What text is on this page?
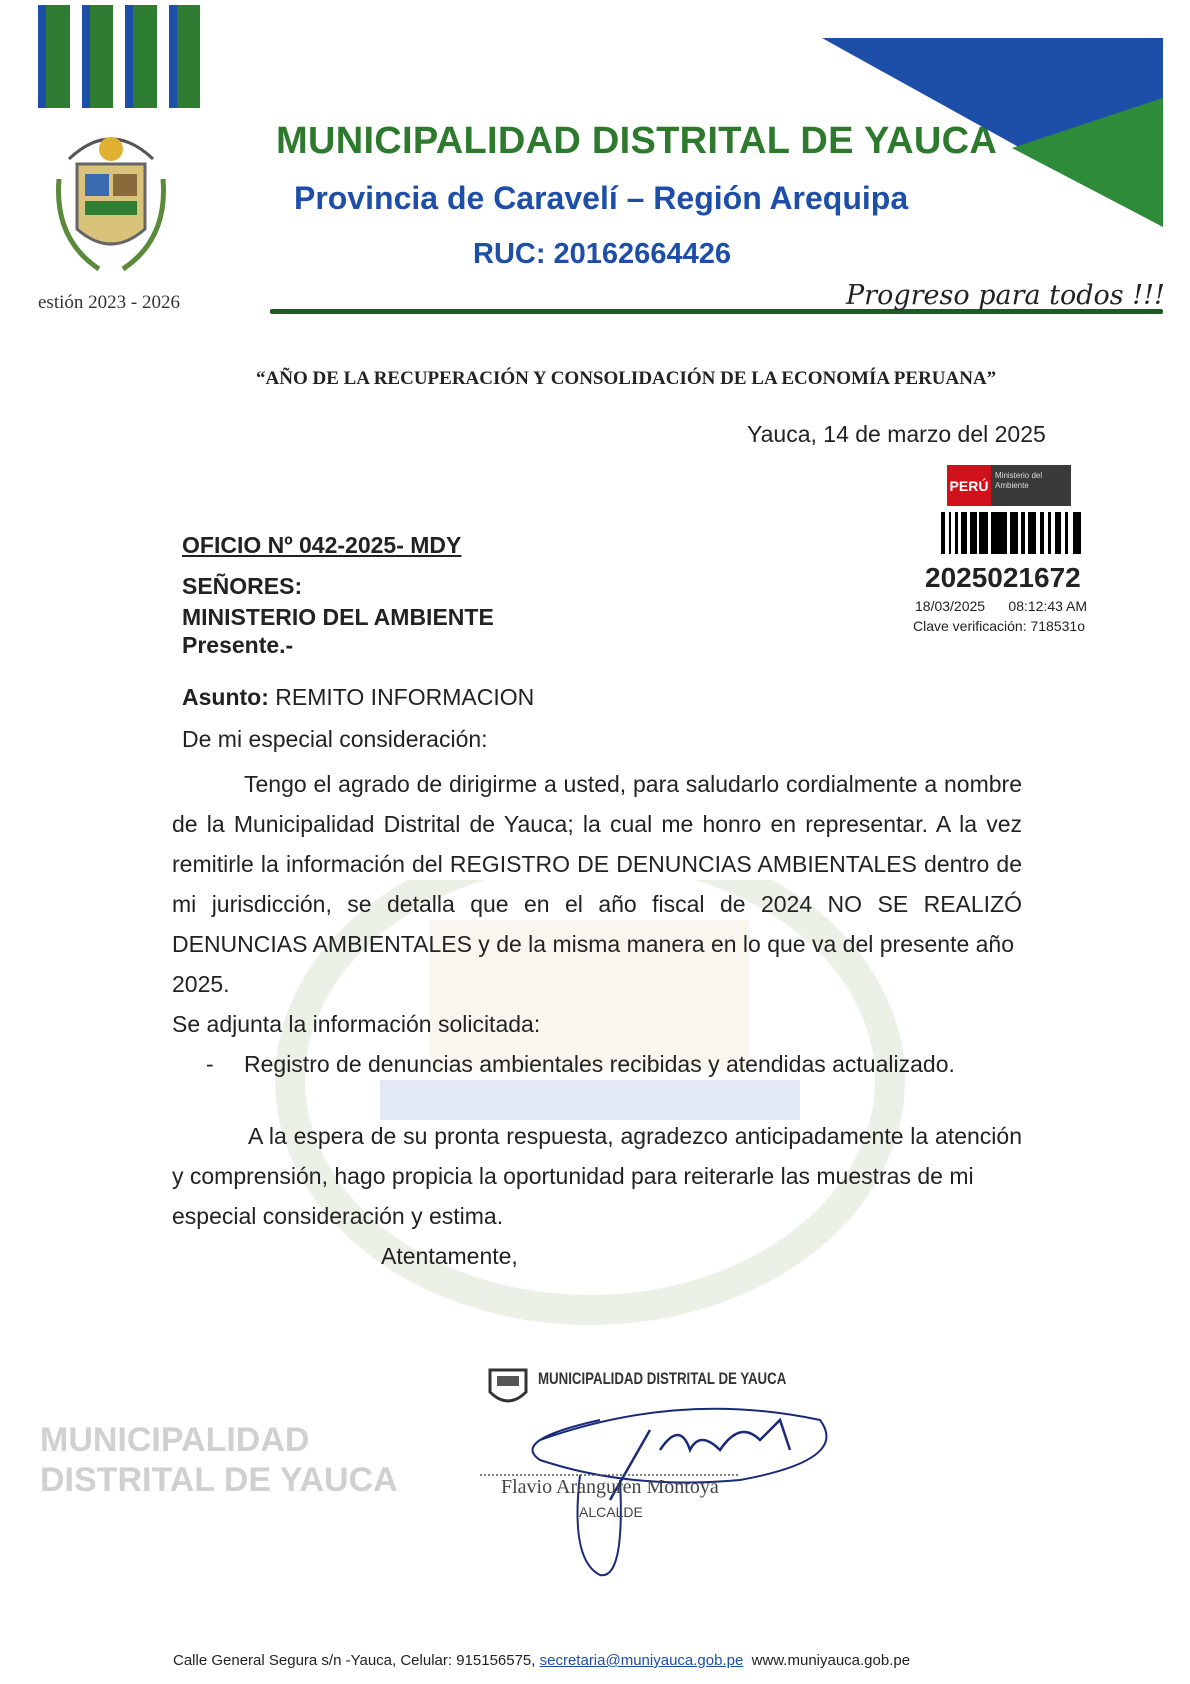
estión 2023 - 2026
MUNICIPALIDAD DISTRITAL DE YAUCA
Provincia de Caravelí – Región Arequipa
RUC: 20162664426
Progreso para todos !!!
“AÑO DE LA RECUPERACIÓN Y CONSOLIDACIÓN DE LA ECONOMÍA PERUANA”
Yauca, 14 de marzo del 2025
PERÚ
Ministerio del Ambiente
2025021672
18/03/2025 08:12:43 AM
Clave verificación: 718531o
OFICIO Nº 042-2025- MDY
SEÑORES:
MINISTERIO DEL AMBIENTE
Presente.-
Asunto: REMITO INFORMACION
De mi especial consideración:
Tengo el agrado de dirigirme a usted, para saludarlo cordialmente a nombre de la Municipalidad Distrital de Yauca; la cual me honro en representar. A la vez remitirle la información del REGISTRO DE DENUNCIAS AMBIENTALES dentro de mi jurisdicción, se detalla que en el año fiscal de 2024 NO SE REALIZÓ DENUNCIAS AMBIENTALES y de la misma manera en lo que va del presente año
2025.
Se adjunta la información solicitada:
-	Registro de denuncias ambientales recibidas y atendidas actualizado.
A la espera de su pronta respuesta, agradezco anticipadamente la atención y comprensión, hago propicia la oportunidad para reiterarle las muestras de mi
especial consideración y estima.
Atentamente,
MUNICIPALIDAD DISTRITAL DE YAUCA
Flavio Aranguren Montoya
ALCALDE
MUNICIPALIDAD DISTRITAL DE YAUCA
Calle General Segura s/n -Yauca, Celular: 915156575, secretaria@muniyauca.gob.pe www.muniyauca.gob.pe
